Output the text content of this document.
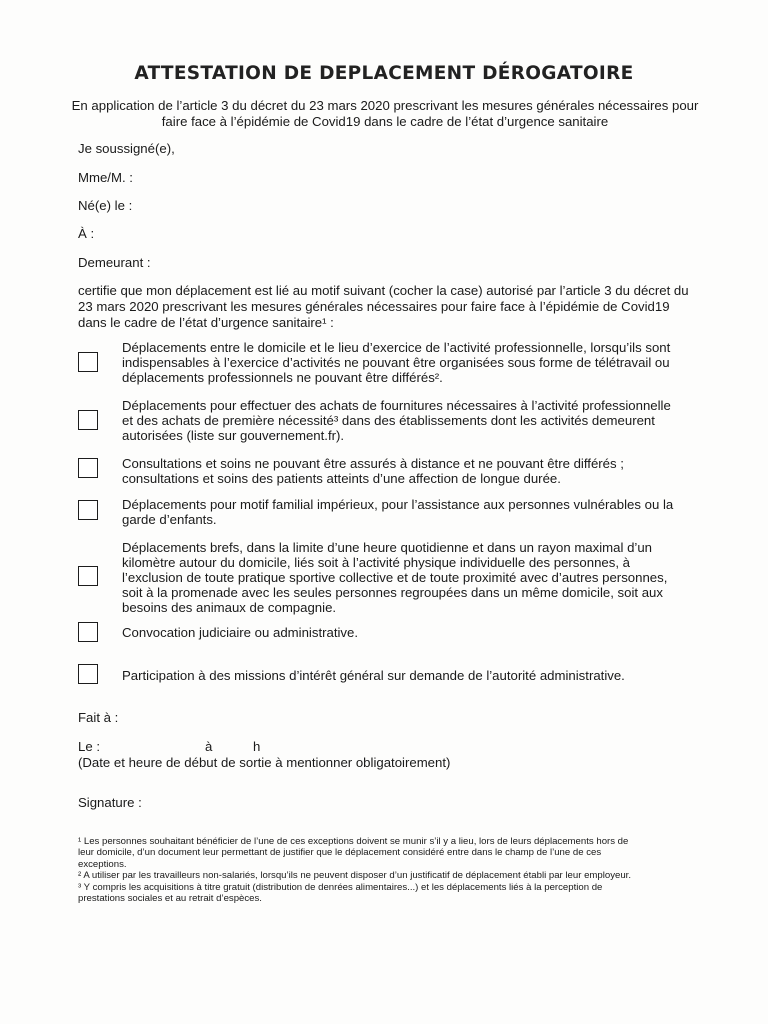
ATTESTATION DE DEPLACEMENT DÉROGATOIRE
En application de l’article 3 du décret du 23 mars 2020 prescrivant les mesures générales nécessaires pour faire face à l’épidémie de Covid19 dans le cadre de l’état d’urgence sanitaire
Je soussigné(e),
Mme/M. :
Né(e) le :
À :
Demeurant :
certifie que mon déplacement est lié au motif suivant (cocher la case) autorisé par l’article 3 du décret du 23 mars 2020 prescrivant les mesures générales nécessaires pour faire face à l’épidémie de Covid19 dans le cadre de l’état d’urgence sanitaire¹ :
Déplacements entre le domicile et le lieu d’exercice de l’activité professionnelle, lorsqu’ils sont indispensables à l’exercice d’activités ne pouvant être organisées sous forme de télétravail ou déplacements professionnels ne pouvant être différés².
Déplacements pour effectuer des achats de fournitures nécessaires à l’activité professionnelle et des achats de première nécessité³ dans des établissements dont les activités demeurent autorisées (liste sur gouvernement.fr).
Consultations et soins ne pouvant être assurés à distance et ne pouvant être différés ; consultations et soins des patients atteints d’une affection de longue durée.
Déplacements pour motif familial impérieux, pour l’assistance aux personnes vulnérables ou la garde d’enfants.
Déplacements brefs, dans la limite d’une heure quotidienne et dans un rayon maximal d’un kilomètre autour du domicile, liés soit à l’activité physique individuelle des personnes, à l’exclusion de toute pratique sportive collective et de toute proximité avec d’autres personnes, soit à la promenade avec les seules personnes regroupées dans un même domicile, soit aux besoins des animaux de compagnie.
Convocation judiciaire ou administrative.
Participation à des missions d’intérêt général sur demande de l’autorité administrative.
Fait à :
Le :	à	h
(Date et heure de début de sortie à mentionner obligatoirement)
Signature :
¹ Les personnes souhaitant bénéficier de l’une de ces exceptions doivent se munir s’il y a lieu, lors de leurs déplacements hors de leur domicile, d’un document leur permettant de justifier que le déplacement considéré entre dans le champ de l’une de ces exceptions.
² A utiliser par les travailleurs non-salariés, lorsqu’ils ne peuvent disposer d’un justificatif de déplacement établi par leur employeur.
³ Y compris les acquisitions à titre gratuit (distribution de denrées alimentaires...) et les déplacements liés à la perception de prestations sociales et au retrait d’espèces.
